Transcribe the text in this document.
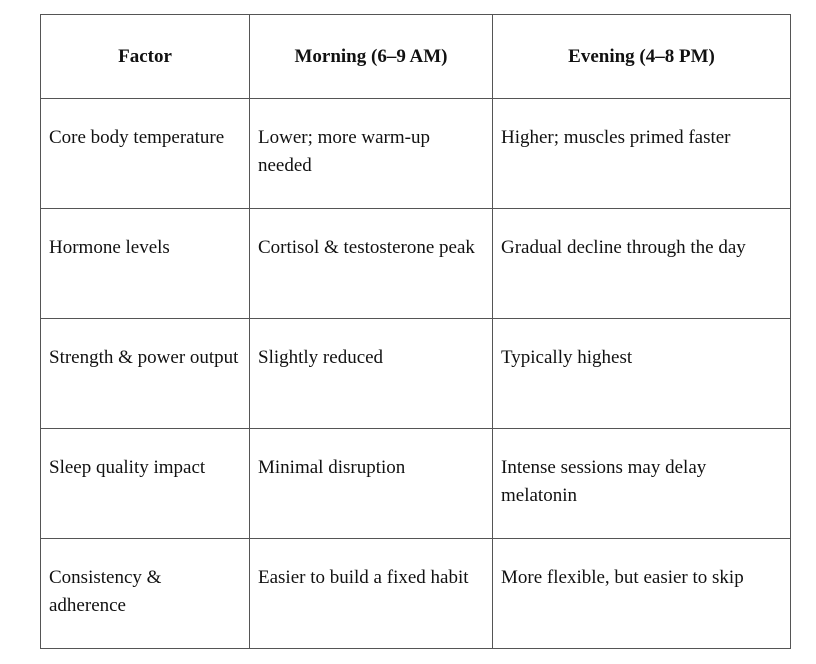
Factor	Morning (6–9 AM)	Evening (4–8 PM)
Core body temperature	Lower; more warm-up needed	Higher; muscles primed faster
Hormone levels	Cortisol & testosterone peak	Gradual decline through the day
Strength & power output	Slightly reduced	Typically highest
Sleep quality impact	Minimal disruption	Intense sessions may delay melatonin
Consistency & adherence	Easier to build a fixed habit	More flexible, but easier to skip
